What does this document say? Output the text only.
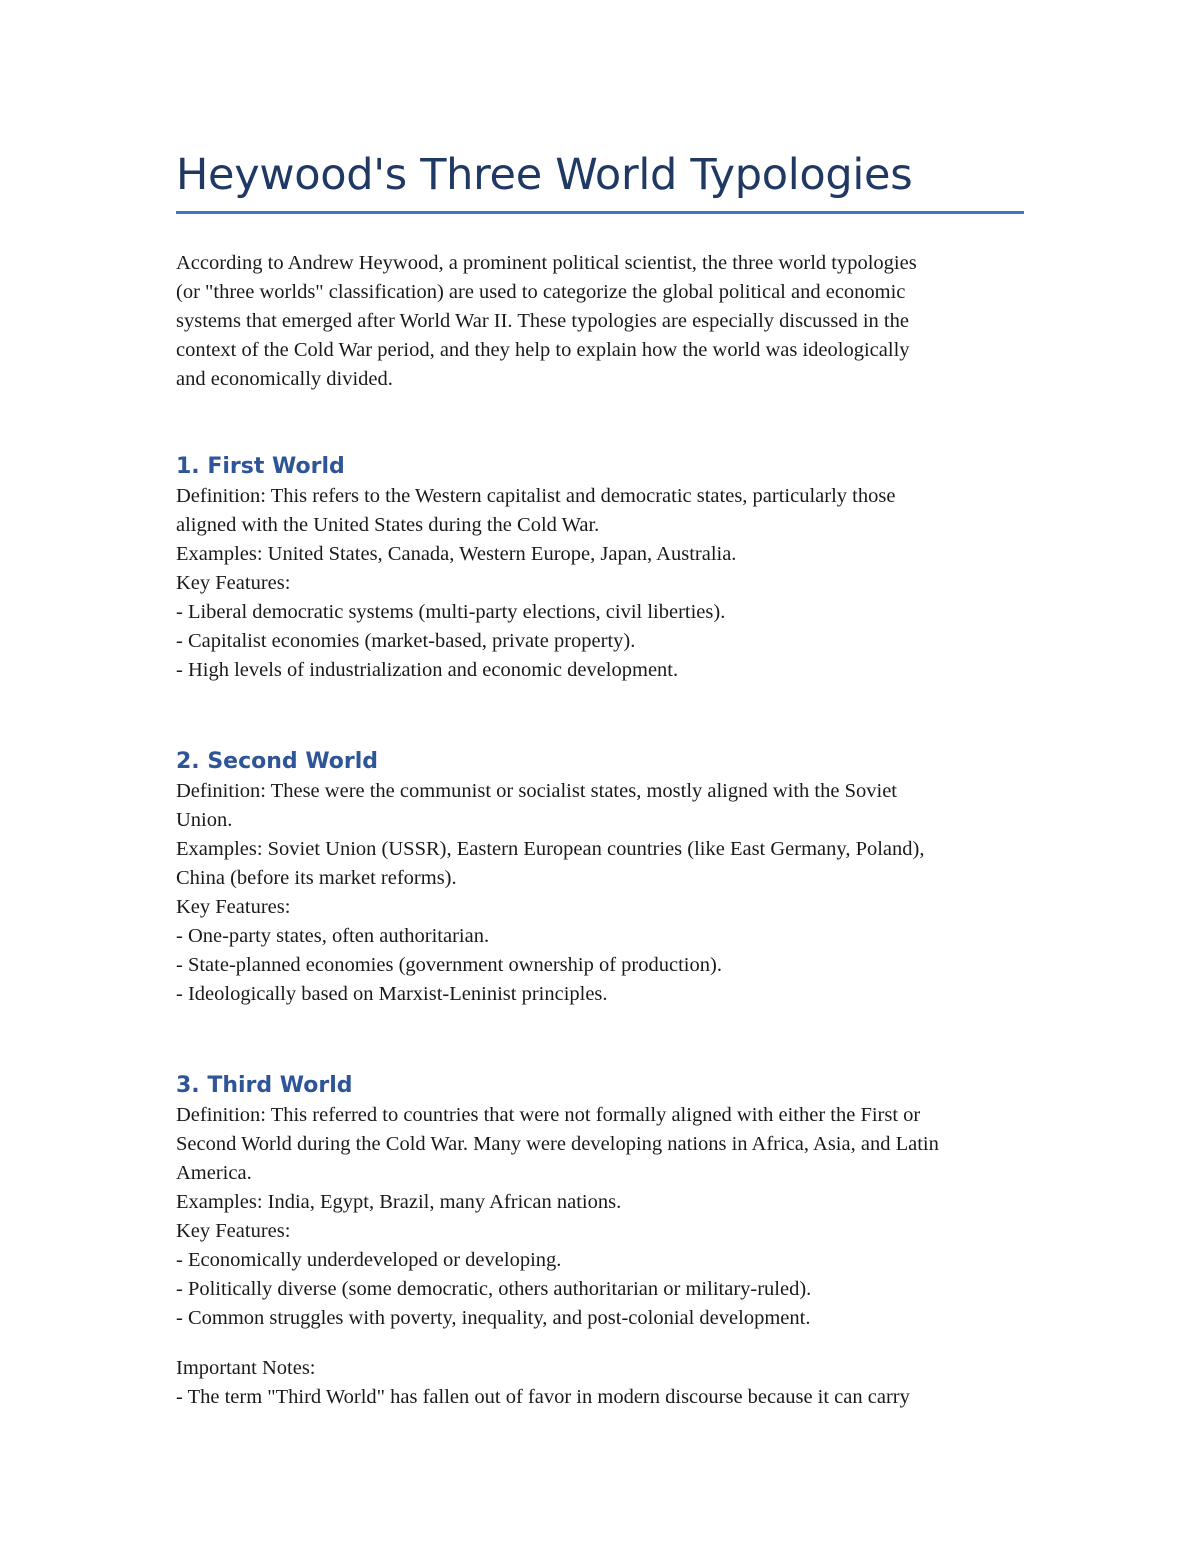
Heywood's Three World Typologies

According to Andrew Heywood, a prominent political scientist, the three world typologies
(or "three worlds" classification) are used to categorize the global political and economic
systems that emerged after World War II. These typologies are especially discussed in the
context of the Cold War period, and they help to explain how the world was ideologically
and economically divided.

1. First World

Definition: This refers to the Western capitalist and democratic states, particularly those
aligned with the United States during the Cold War.
Examples: United States, Canada, Western Europe, Japan, Australia.
Key Features:
- Liberal democratic systems (multi-party elections, civil liberties).
- Capitalist economies (market-based, private property).
- High levels of industrialization and economic development.

2. Second World

Definition: These were the communist or socialist states, mostly aligned with the Soviet
Union.
Examples: Soviet Union (USSR), Eastern European countries (like East Germany, Poland),
China (before its market reforms).
Key Features:
- One-party states, often authoritarian.
- State-planned economies (government ownership of production).
- Ideologically based on Marxist-Leninist principles.

3. Third World

Definition: This referred to countries that were not formally aligned with either the First or
Second World during the Cold War. Many were developing nations in Africa, Asia, and Latin
America.
Examples: India, Egypt, Brazil, many African nations.
Key Features:
- Economically underdeveloped or developing.
- Politically diverse (some democratic, others authoritarian or military-ruled).
- Common struggles with poverty, inequality, and post-colonial development.

Important Notes:
- The term "Third World" has fallen out of favor in modern discourse because it can carry
